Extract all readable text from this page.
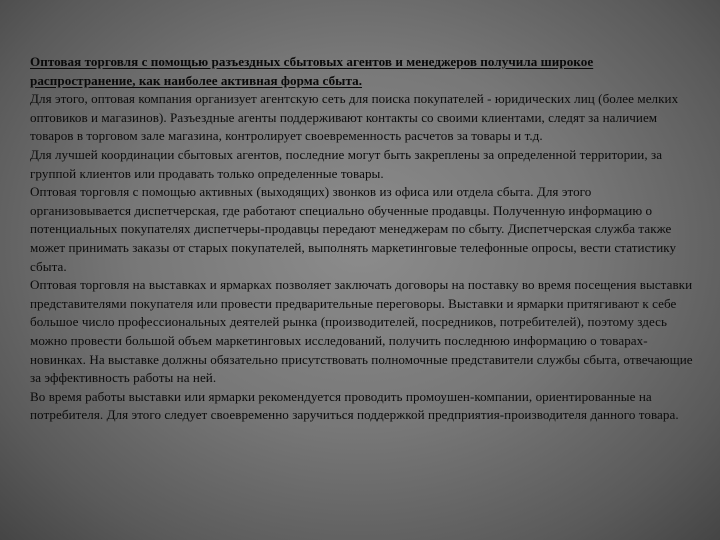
Оптовая торговля с помощью разъездных сбытовых агентов и менеджеров получила широкое распространение, как наиболее активная форма сбыта.

Для этого, оптовая компания организует агентскую сеть для поиска покупателей - юридических лиц (более мелких оптовиков и магазинов). Разъездные агенты поддерживают контакты со своими клиентами, следят за наличием товаров в торговом зале магазина, контролирует своевременность расчетов за товары и т.д.

Для лучшей координации сбытовых агентов, последние могут быть закреплены за определенной территории, за группой клиентов или продавать только определенные товары.

Оптовая торговля с помощью активных (выходящих) звонков из офиса или отдела сбыта. Для этого организовывается диспетчерская, где работают специально обученные продавцы. Полученную информацию о потенциальных покупателях диспетчеры-продавцы передают менеджерам по сбыту. Диспетчерская служба также может принимать заказы от старых покупателей, выполнять маркетинговые телефонные опросы, вести статистику сбыта.

Оптовая торговля на выставках и ярмарках позволяет заключать договоры на поставку во время посещения выставки представителями покупателя или провести предварительные переговоры. Выставки и ярмарки притягивают к себе большое число профессиональных деятелей рынка (производителей, посредников, потребителей), поэтому здесь можно провести большой объем маркетинговых исследований, получить последнюю информацию о товарах-новинках. На выставке должны обязательно присутствовать полномочные представители службы сбыта, отвечающие за эффективность работы на ней.

Во время работы выставки или ярмарки рекомендуется проводить промоушен-компании, ориентированные на потребителя. Для этого следует своевременно заручиться поддержкой предприятия-производителя данного товара.
